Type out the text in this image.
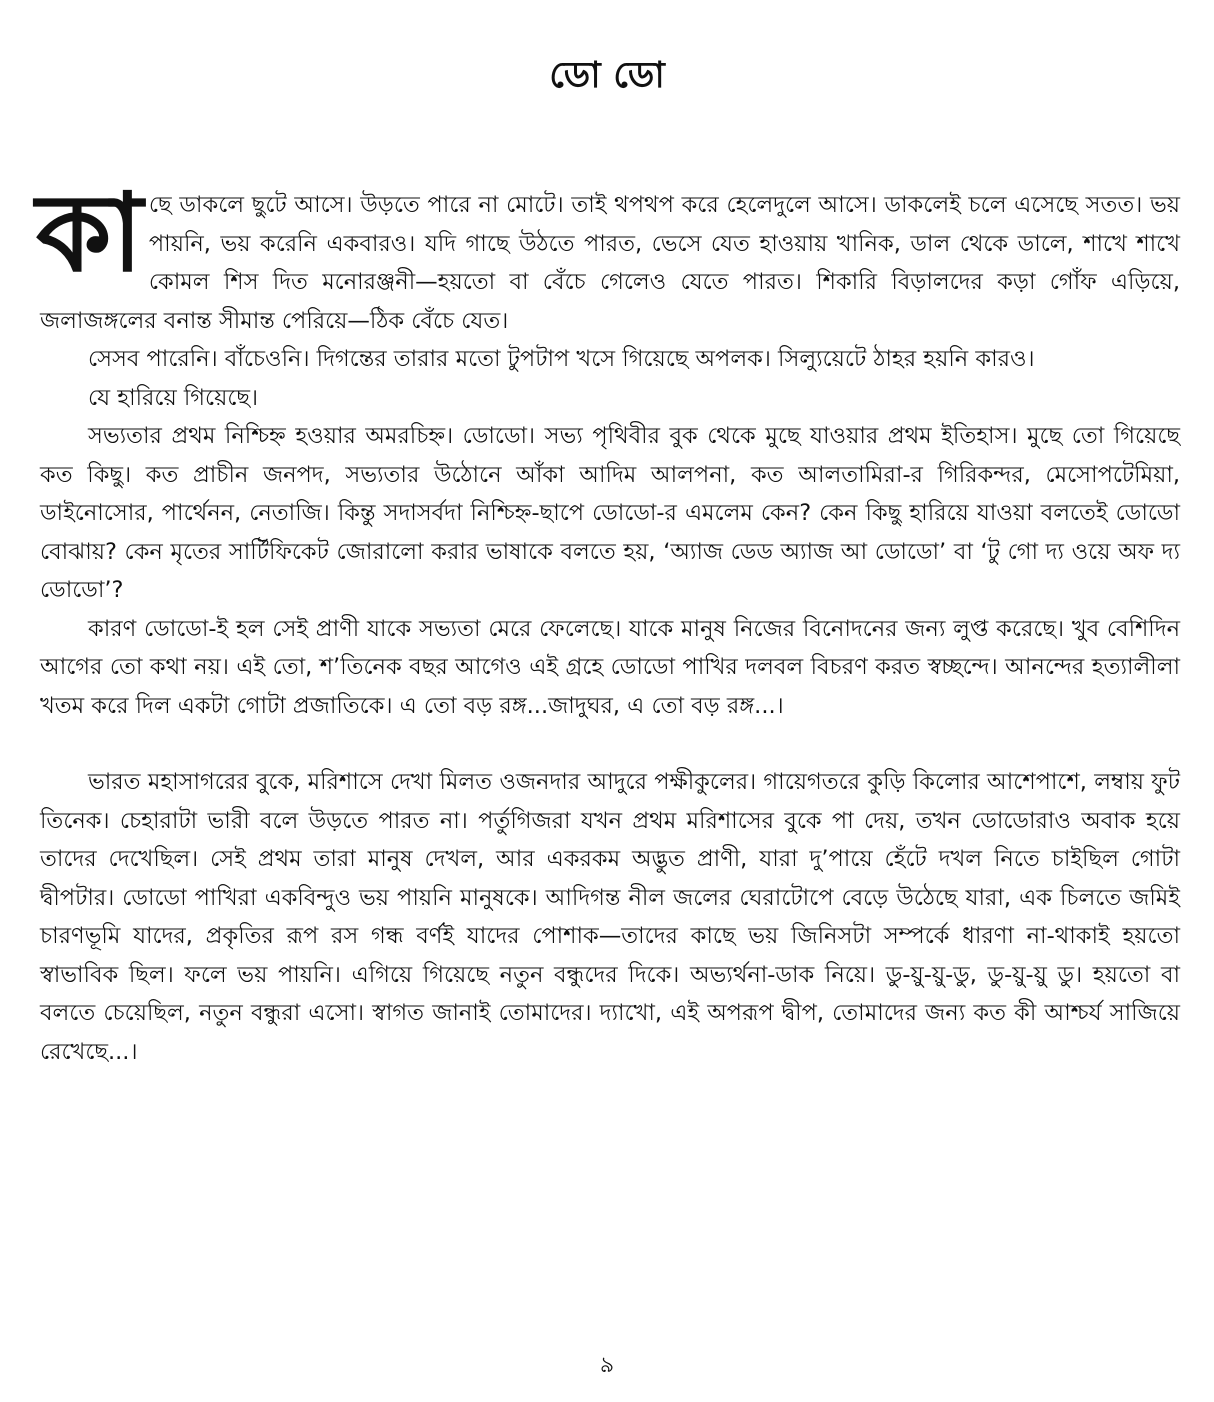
ডো ডো

কাছে ডাকলে ছুটে আসে। উড়তে পারে না মোটে। তাই থপথপ করে হেলেদুলে আসে। ডাকলেই চলে এসেছে সতত। ভয় পায়নি, ভয় করেনি একবারও। যদি গাছে উঠতে পারত, ভেসে যেত হাওয়ায় খানিক, ডাল থেকে ডালে, শাখে শাখে কোমল শিস দিত মনোরঞ্জনী—হয়তো বা বেঁচে গেলেও যেতে পারত। শিকারি বিড়ালদের কড়া গোঁফ এড়িয়ে, জলাজঙ্গলের বনান্ত সীমান্ত পেরিয়ে—ঠিক বেঁচে যেত।

সেসব পারেনি। বাঁচেওনি। দিগন্তের তারার মতো টুপটাপ খসে গিয়েছে অপলক। সিল্যুয়েটে ঠাহর হয়নি কারও।

যে হারিয়ে গিয়েছে।

সভ্যতার প্রথম নিশ্চিহ্ন হওয়ার অমরচিহ্ন। ডোডো। সভ্য পৃথিবীর বুক থেকে মুছে যাওয়ার প্রথম ইতিহাস। মুছে তো গিয়েছে কত কিছু। কত প্রাচীন জনপদ, সভ্যতার উঠোনে আঁকা আদিম আলপনা, কত আলতামিরা-র গিরিকন্দর, মেসোপটেমিয়া, ডাইনোসোর, পার্থেনন, নেতাজি। কিন্তু সদাসর্বদা নিশ্চিহ্ন-ছাপে ডোডো-র এমলেম কেন? কেন কিছু হারিয়ে যাওয়া বলতেই ডোডো বোঝায়? কেন মৃতের সার্টিফিকেট জোরালো করার ভাষাকে বলতে হয়, ‘অ্যাজ ডেড অ্যাজ আ ডোডো’ বা ‘টু গো দ্য ওয়ে অফ দ্য ডোডো’?

কারণ ডোডো-ই হল সেই প্রাণী যাকে সভ্যতা মেরে ফেলেছে। যাকে মানুষ নিজের বিনোদনের জন্য লুপ্ত করেছে। খুব বেশিদিন আগের তো কথা নয়। এই তো, শ’তিনেক বছর আগেও এই গ্রহে ডোডো পাখির দলবল বিচরণ করত স্বচ্ছন্দে। আনন্দের হত্যালীলা খতম করে দিল একটা গোটা প্রজাতিকে। এ তো বড় রঙ্গ...জাদুঘর, এ তো বড় রঙ্গ...।

ভারত মহাসাগরের বুকে, মরিশাসে দেখা মিলত ওজনদার আদুরে পক্ষীকুলের। গায়েগতরে কুড়ি কিলোর আশেপাশে, লম্বায় ফুট তিনেক। চেহারাটা ভারী বলে উড়তে পারত না। পর্তুগিজরা যখন প্রথম মরিশাসের বুকে পা দেয়, তখন ডোডোরাও অবাক হয়ে তাদের দেখেছিল। সেই প্রথম তারা মানুষ দেখল, আর একরকম অদ্ভুত প্রাণী, যারা দু’পায়ে হেঁটে দখল নিতে চাইছিল গোটা দ্বীপটার। ডোডো পাখিরা একবিন্দুও ভয় পায়নি মানুষকে। আদিগন্ত নীল জলের ঘেরাটোপে বেড়ে উঠেছে যারা, এক চিলতে জমিই চারণভূমি যাদের, প্রকৃতির রূপ রস গন্ধ বর্ণই যাদের পোশাক—তাদের কাছে ভয় জিনিসটা সম্পর্কে ধারণা না-থাকাই হয়তো স্বাভাবিক ছিল। ফলে ভয় পায়নি। এগিয়ে গিয়েছে নতুন বন্ধুদের দিকে। অভ্যর্থনা-ডাক নিয়ে। ডু-য়ু-য়ু-ডু, ডু-য়ু-য়ু ডু। হয়তো বা বলতে চেয়েছিল, নতুন বন্ধুরা এসো। স্বাগত জানাই তোমাদের। দ্যাখো, এই অপরূপ দ্বীপ, তোমাদের জন্য কত কী আশ্চর্য সাজিয়ে রেখেছে...।

৯
